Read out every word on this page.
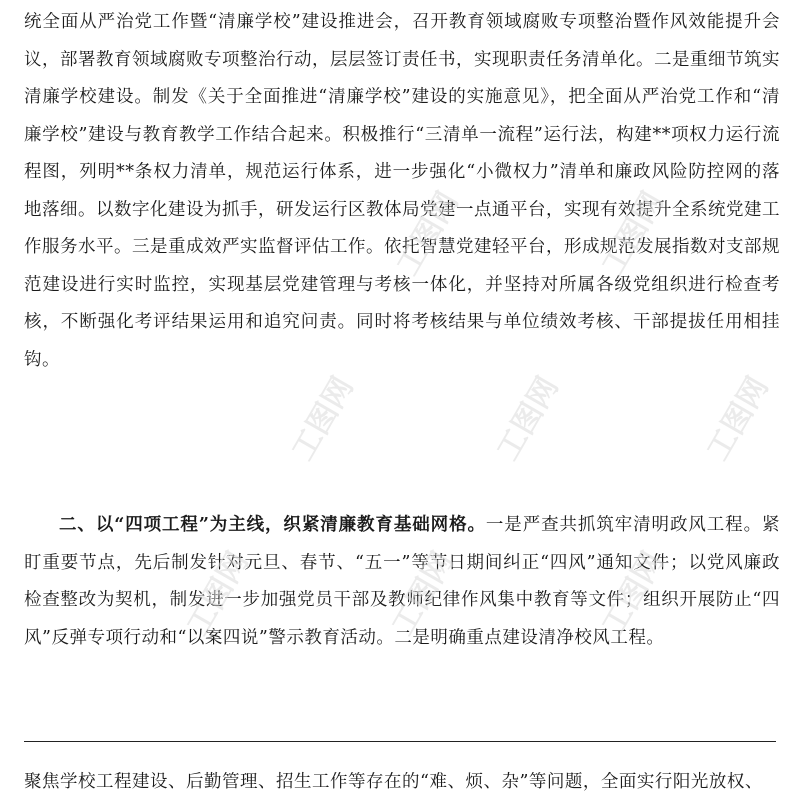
统全面从严治党工作暨“清廉学校”建设推进会，召开教育领域腐败专项整治暨作风效能提升会议，部署教育领域腐败专项整治行动，层层签订责任书，实现职责任务清单化。二是重细节筑实清廉学校建设。制发《关于全面推进“清廉学校”建设的实施意见》，把全面从严治党工作和“清廉学校”建设与教育教学工作结合起来。积极推行“三清单一流程”运行法，构建**项权力运行流程图，列明**条权力清单，规范运行体系，进一步强化“小微权力”清单和廉政风险防控网的落地落细。以数字化建设为抓手，研发运行区教体局党建一点通平台，实现有效提升全系统党建工作服务水平。三是重成效严实监督评估工作。依托智慧党建轻平台，形成规范发展指数对支部规范建设进行实时监控，实现基层党建管理与考核一体化，并坚持对所属各级党组织进行检查考核，不断强化考评结果运用和追究问责。同时将考核结果与单位绩效考核、干部提拔任用相挂钩。

二、以“四项工程”为主线，织紧清廉教育基础网格。一是严查共抓筑牢清明政风工程。紧盯重要节点，先后制发针对元旦、春节、“五一”等节日期间纠正“四风”通知文件；以党风廉政检查整改为契机，制发进一步加强党员干部及教师纪律作风集中教育等文件；组织开展防止“四风”反弹专项行动和“以案四说”警示教育活动。二是明确重点建设清净校风工程。

聚焦学校工程建设、后勤管理、招生工作等存在的“难、烦、杂”等问题，全面实行阳光放权、

工图网	工图网
工图网	工图网	工图网
工图网	工图网	工图网
